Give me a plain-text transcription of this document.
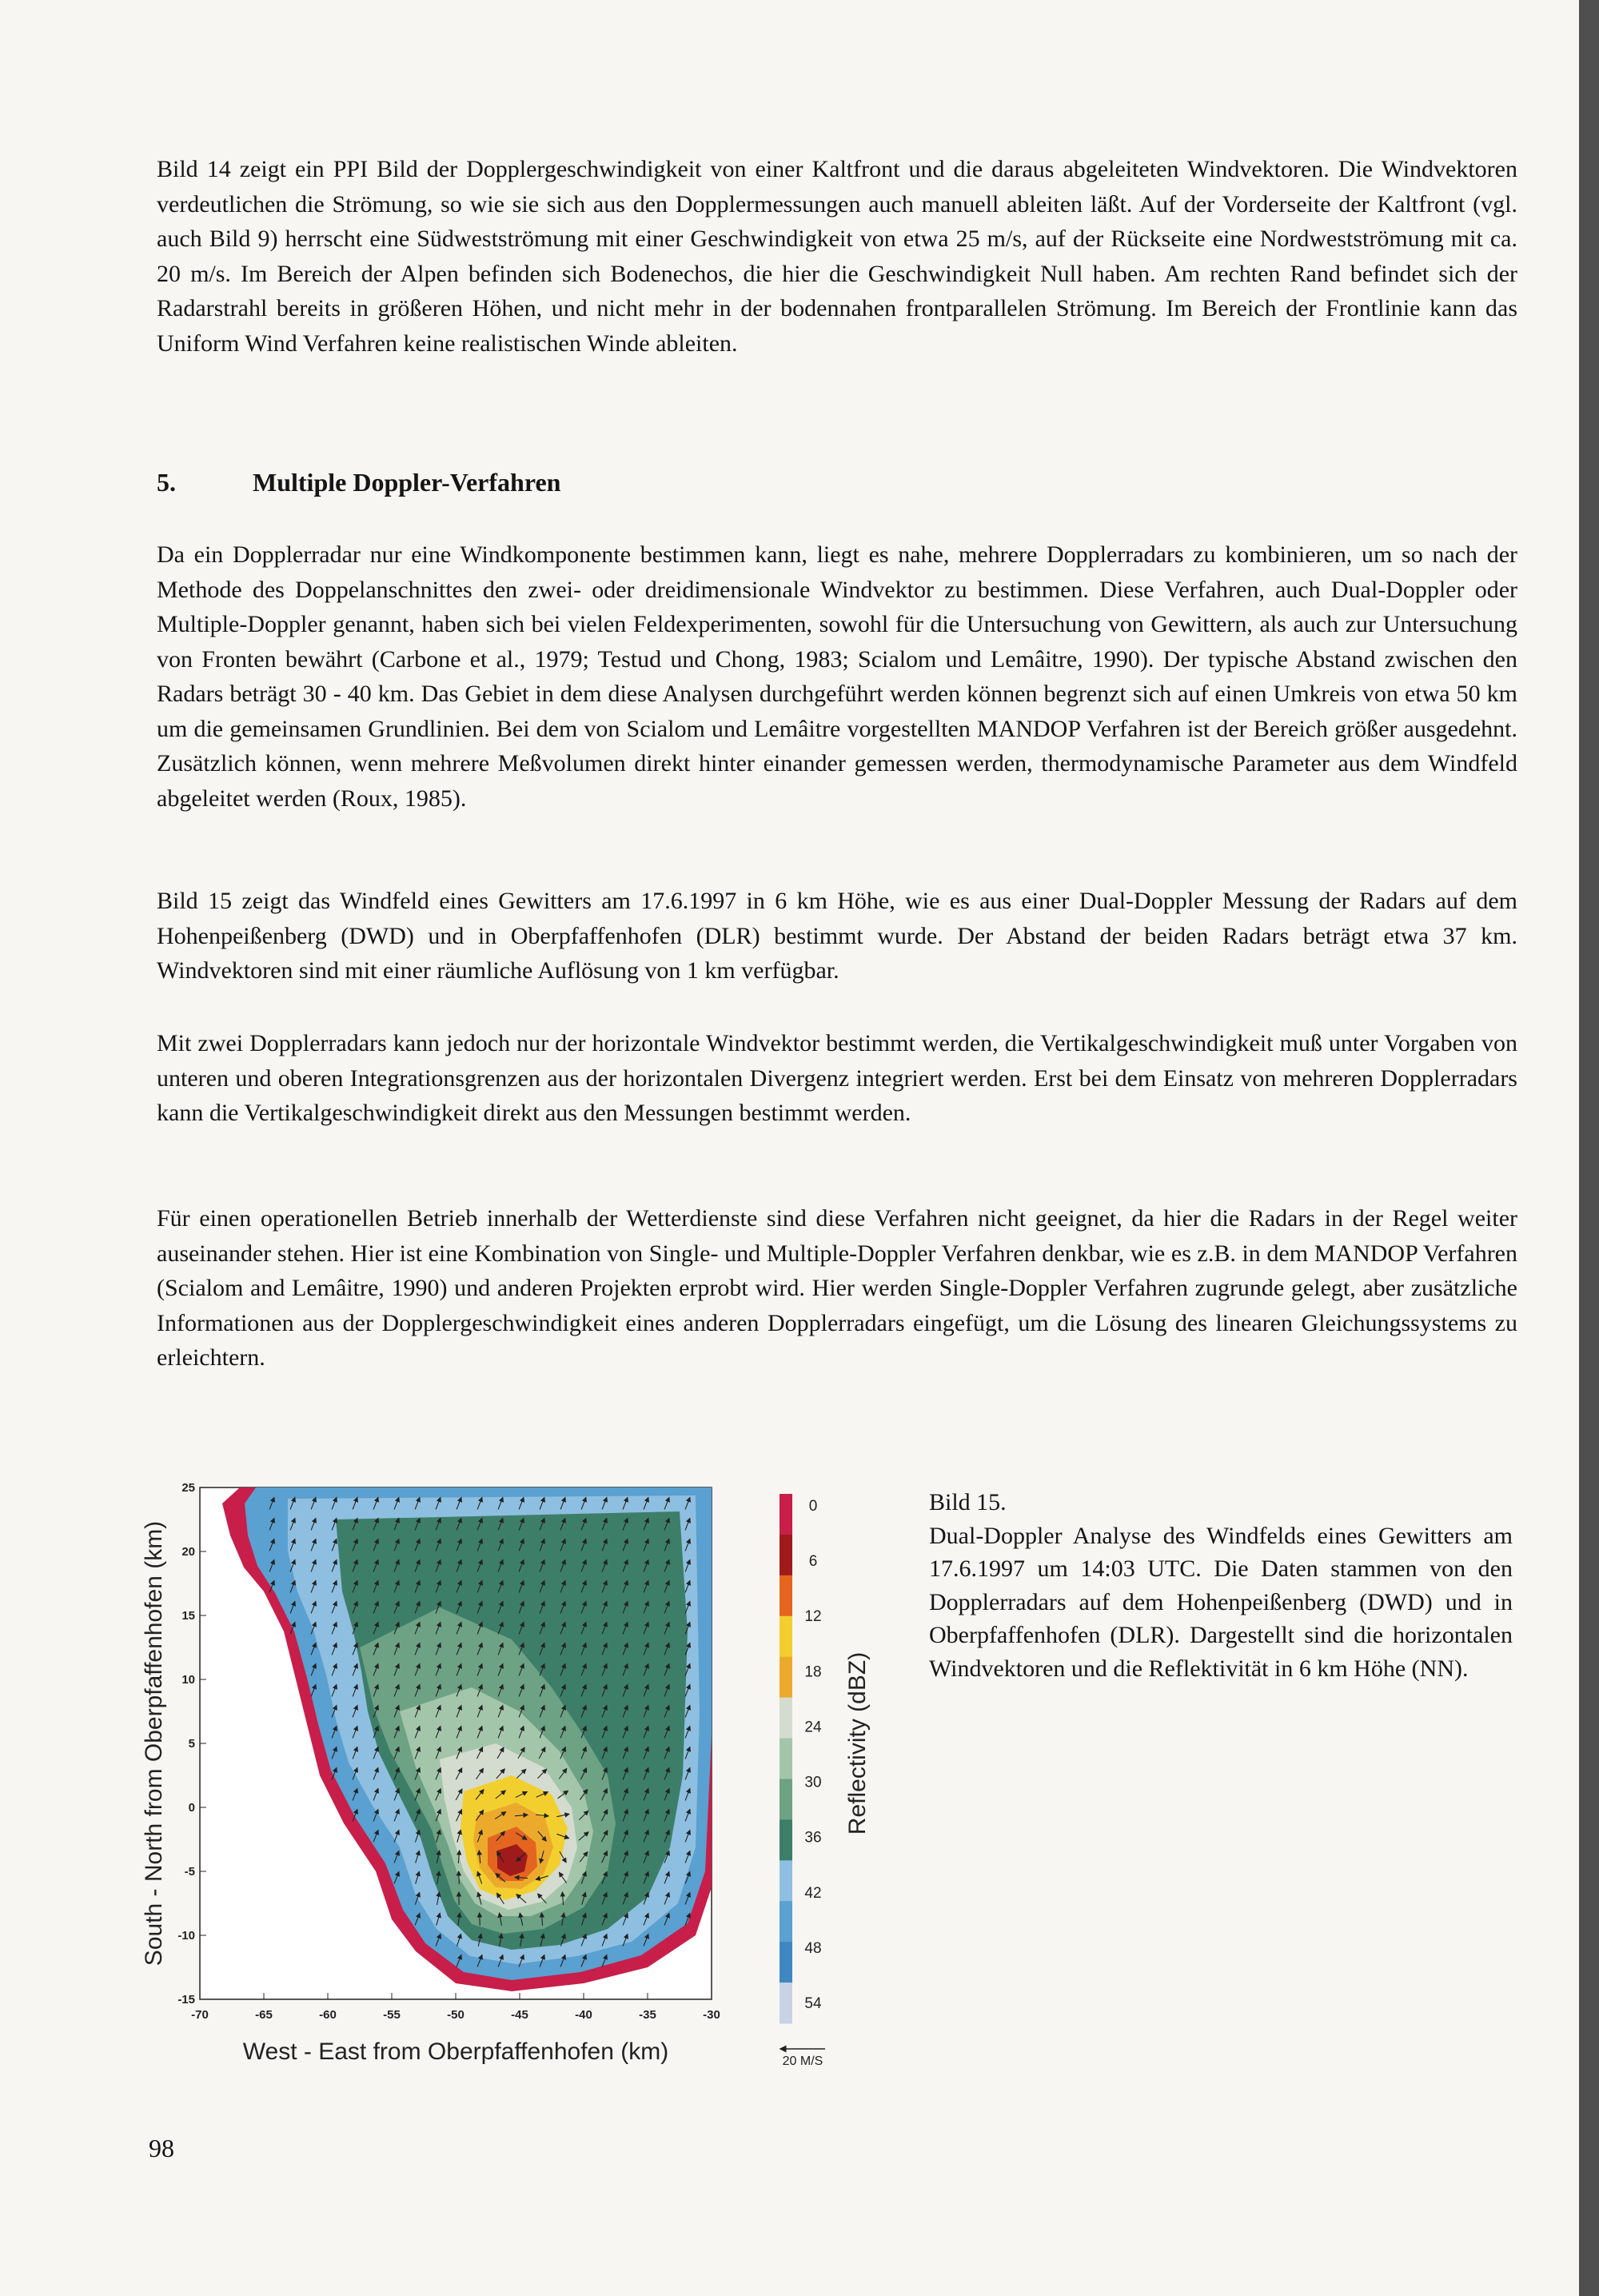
Bild 14 zeigt ein PPI Bild der Dopplergeschwindigkeit von einer Kaltfront und die daraus abgeleiteten Windvektoren. Die Windvektoren verdeutlichen die Strömung, so wie sie sich aus den Dopplermessungen auch manuell ableiten läßt. Auf der Vorderseite der Kaltfront (vgl. auch Bild 9) herrscht eine Südwestströmung mit einer Geschwindigkeit von etwa 25 m/s, auf der Rückseite eine Nordwestströmung mit ca. 20 m/s. Im Bereich der Alpen befinden sich Bodenechos, die hier die Geschwindigkeit Null haben. Am rechten Rand befindet sich der Radarstrahl bereits in größeren Höhen, und nicht mehr in der bodennahen frontparallelen Strömung. Im Bereich der Frontlinie kann das Uniform Wind Verfahren keine realistischen Winde ableiten.

5.	Multiple Doppler-Verfahren

Da ein Dopplerradar nur eine Windkomponente bestimmen kann, liegt es nahe, mehrere Dopplerradars zu kombinieren, um so nach der Methode des Doppelanschnittes den zwei- oder dreidimensionale Windvektor zu bestimmen. Diese Verfahren, auch Dual-Doppler oder Multiple-Doppler genannt, haben sich bei vielen Feldexperimenten, sowohl für die Untersuchung von Gewittern, als auch zur Untersuchung von Fronten bewährt (Carbone et al., 1979; Testud und Chong, 1983; Scialom und Lemâitre, 1990). Der typische Abstand zwischen den Radars beträgt 30 - 40 km. Das Gebiet in dem diese Analysen durchgeführt werden können begrenzt sich auf einen Umkreis von etwa 50 km um die gemeinsamen Grundlinien. Bei dem von Scialom und Lemâitre vorgestellten MANDOP Verfahren ist der Bereich größer ausgedehnt. Zusätzlich können, wenn mehrere Meßvolumen direkt hinter einander gemessen werden, thermodynamische Parameter aus dem Windfeld abgeleitet werden (Roux, 1985).

Bild 15 zeigt das Windfeld eines Gewitters am 17.6.1997 in 6 km Höhe, wie es aus einer Dual-Doppler Messung der Radars auf dem Hohenpeißenberg (DWD) und in Oberpfaffenhofen (DLR) bestimmt wurde. Der Abstand der beiden Radars beträgt etwa 37 km. Windvektoren sind mit einer räumliche Auflösung von 1 km verfügbar.

Mit zwei Dopplerradars kann jedoch nur der horizontale Windvektor bestimmt werden, die Vertikalgeschwindigkeit muß unter Vorgaben von unteren und oberen Integrationsgrenzen aus der horizontalen Divergenz integriert werden. Erst bei dem Einsatz von mehreren Dopplerradars kann die Vertikalgeschwindigkeit direkt aus den Messungen bestimmt werden.

Für einen operationellen Betrieb innerhalb der Wetterdienste sind diese Verfahren nicht geeignet, da hier die Radars in der Regel weiter auseinander stehen. Hier ist eine Kombination von Single- und Multiple-Doppler Verfahren denkbar, wie es z.B. in dem MANDOP Verfahren (Scialom and Lemâitre, 1990) und anderen Projekten erprobt wird. Hier werden Single-Doppler Verfahren zugrunde gelegt, aber zusätzliche Informationen aus der Dopplergeschwindigkeit eines anderen Dopplerradars eingefügt, um die Lösung des linearen Gleichungssystems zu erleichtern.

-70	-65	-60	-55	-50	-45	-40	-35	-30
-15
-10
-5
0
5
10
15
20
25
West - East from Oberpfaffenhofen (km)
South - North from Oberpfaffenhofen (km)
0
6
12
18
24
30
36
42
48
54
Reflectivity (dBZ)
20 M/S
Bild 15.
Dual-Doppler Analyse des Windfelds eines Gewitters am 17.6.1997 um 14:03 UTC. Die Daten stammen von den Dopplerradars auf dem Hohenpeißenberg (DWD) und in Oberpfaffenhofen (DLR). Dargestellt sind die horizontalen Windvektoren und die Reflektivität in 6 km Höhe (NN).
98
